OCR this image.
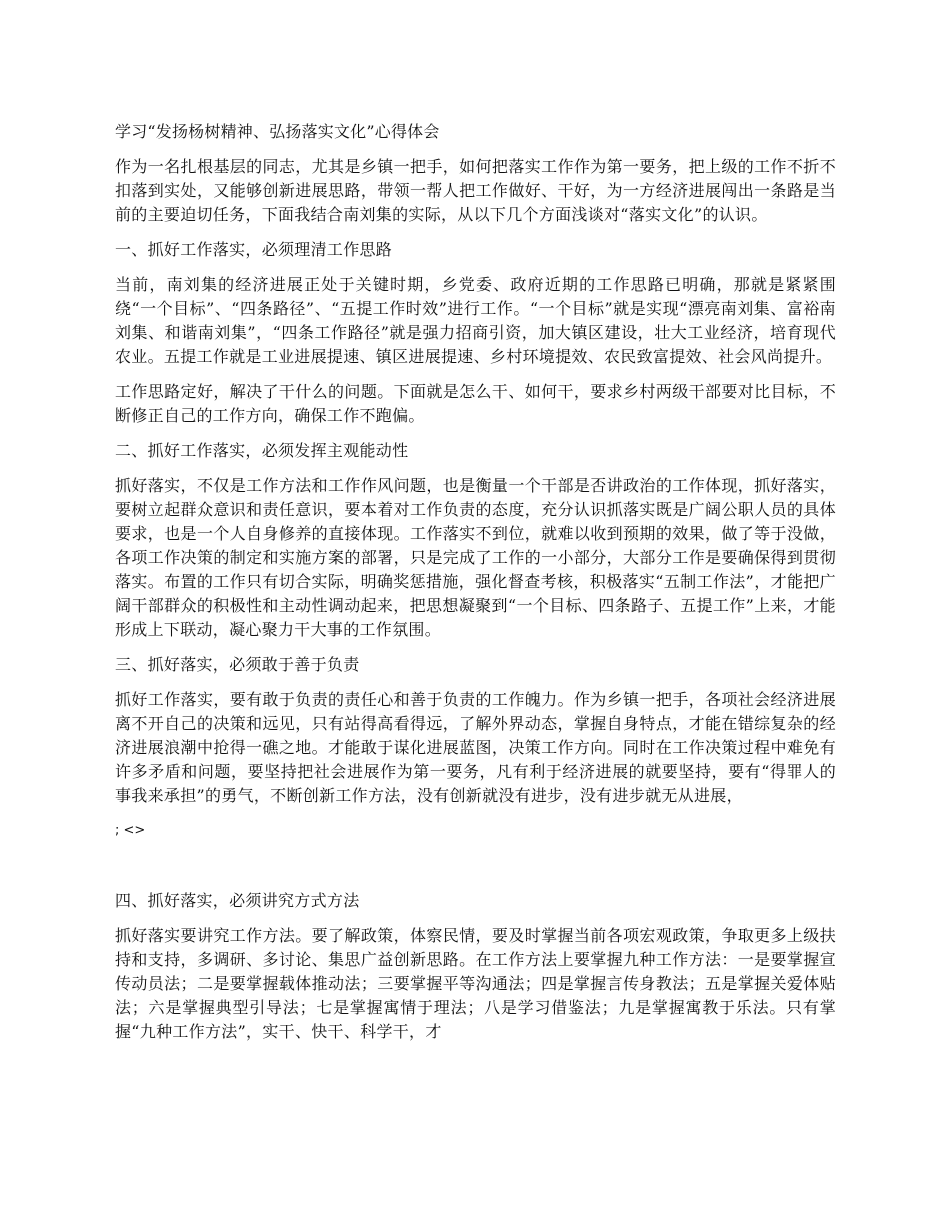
学习“发扬杨树精神、弘扬落实文化”心得体会
作为一名扎根基层的同志，尤其是乡镇一把手，如何把落实工作作为第一要务，把上级的工作不折不扣落到实处，又能够创新进展思路，带领一帮人把工作做好、干好，为一方经济进展闯出一条路是当前的主要迫切任务，下面我结合南刘集的实际，从以下几个方面浅谈对“落实文化”的认识。
一、抓好工作落实，必须理清工作思路
当前，南刘集的经济进展正处于关键时期，乡党委、政府近期的工作思路已明确，那就是紧紧围绕“一个目标”、“四条路径”、“五提工作时效”进行工作。“一个目标”就是实现“漂亮南刘集、富裕南刘集、和谐南刘集”，“四条工作路径”就是强力招商引资，加大镇区建设，壮大工业经济，培育现代农业。五提工作就是工业进展提速、镇区进展提速、乡村环境提效、农民致富提效、社会风尚提升。
工作思路定好，解决了干什么的问题。下面就是怎么干、如何干，要求乡村两级干部要对比目标，不断修正自己的工作方向，确保工作不跑偏。
二、抓好工作落实，必须发挥主观能动性
抓好落实，不仅是工作方法和工作作风问题，也是衡量一个干部是否讲政治的工作体现，抓好落实，要树立起群众意识和责任意识，要本着对工作负责的态度，充分认识抓落实既是广阔公职人员的具体要求，也是一个人自身修养的直接体现。工作落实不到位，就难以收到预期的效果，做了等于没做，各项工作决策的制定和实施方案的部署，只是完成了工作的一小部分，大部分工作是要确保得到贯彻落实。布置的工作只有切合实际，明确奖惩措施，强化督查考核，积极落实“五制工作法”，才能把广阔干部群众的积极性和主动性调动起来，把思想凝聚到“一个目标、四条路子、五提工作”上来，才能形成上下联动，凝心聚力干大事的工作氛围。
三、抓好落实，必须敢于善于负责
抓好工作落实，要有敢于负责的责任心和善于负责的工作魄力。作为乡镇一把手，各项社会经济进展离不开自己的决策和远见，只有站得高看得远，了解外界动态，掌握自身特点，才能在错综复杂的经济进展浪潮中抢得一礁之地。才能敢于谋化进展蓝图，决策工作方向。同时在工作决策过程中难免有许多矛盾和问题，要坚持把社会进展作为第一要务，凡有利于经济进展的就要坚持，要有“得罪人的事我来承担”的勇气，不断创新工作方法，没有创新就没有进步，没有进步就无从进展，
; <>
四、抓好落实，必须讲究方式方法
抓好落实要讲究工作方法。要了解政策，体察民情，要及时掌握当前各项宏观政策，争取更多上级扶持和支持，多调研、多讨论、集思广益创新思路。在工作方法上要掌握九种工作方法：一是要掌握宣传动员法；二是要掌握载体推动法；三要掌握平等沟通法；四是掌握言传身教法；五是掌握关爱体贴法；六是掌握典型引导法；七是掌握寓情于理法；八是学习借鉴法；九是掌握寓教于乐法。只有掌握“九种工作方法”，实干、快干、科学干，才
